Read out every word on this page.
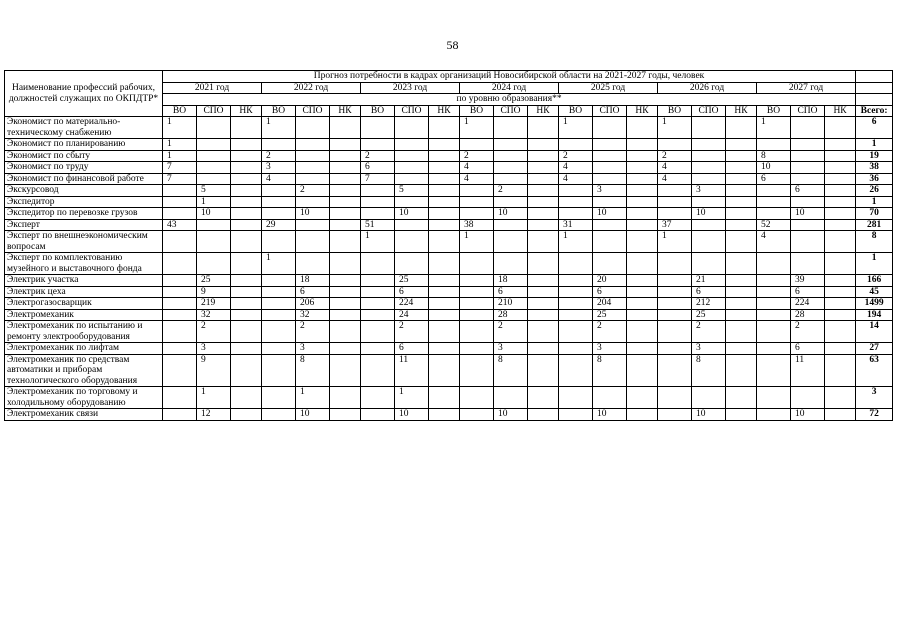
58
Наименование профессий рабочих, должностей служащих по ОКПДТР*	Прогноз потребности в кадрах организаций Новосибирской области на 2021-2027 годы, человек																					
	2021 год			2022 год			2023 год			2024 год			2025 год			2026 год			2027 год			
	по уровню образования**																					
	ВО	СПО	НК	ВО	СПО	НК	ВО	СПО	НК	ВО	СПО	НК	ВО	СПО	НК	ВО	СПО	НК	ВО	СПО	НК	Всего:
Экономист по материально-техническому снабжению	1			1						1			1			1			1			6
Экономист по планированию	1																					1
Экономист по сбыту	1			2			2			2			2			2			8			19
Экономист по труду	7			3			6			4			4			4			10			38
Экономист по финансовой работе	7			4			7			4			4			4			6			36
Экскурсовод		5			2			5			2			3			3			6		26
Экспедитор		1																				1
Экспедитор по перевозке грузов		10			10			10			10			10			10			10		70
Эксперт	43			29			51			38			31			37			52			281
Эксперт по внешнеэкономическим вопросам							1			1			1			1			4			8
Эксперт по комплектованию музейного и выставочного фонда				1																		1
Электрик участка		25			18			25			18			20			21			39		166
Электрик цеха		9			6			6			6			6			6			6		45
Электрогазосварщик		219			206			224			210			204			212			224		1499
Электромеханик		32			32			24			28			25			25			28		194
Электромеханик по испытанию и ремонту электрооборудования		2			2			2			2			2			2			2		14
Электромеханик по лифтам		3			3			6			3			3			3			6		27
Электромеханик по средствам автоматики и приборам технологического оборудования		9			8			11			8			8			8			11		63
Электромеханик по торговому и холодильному оборудованию		1			1			1														3
Электромеханик связи		12			10			10			10			10			10			10		72
